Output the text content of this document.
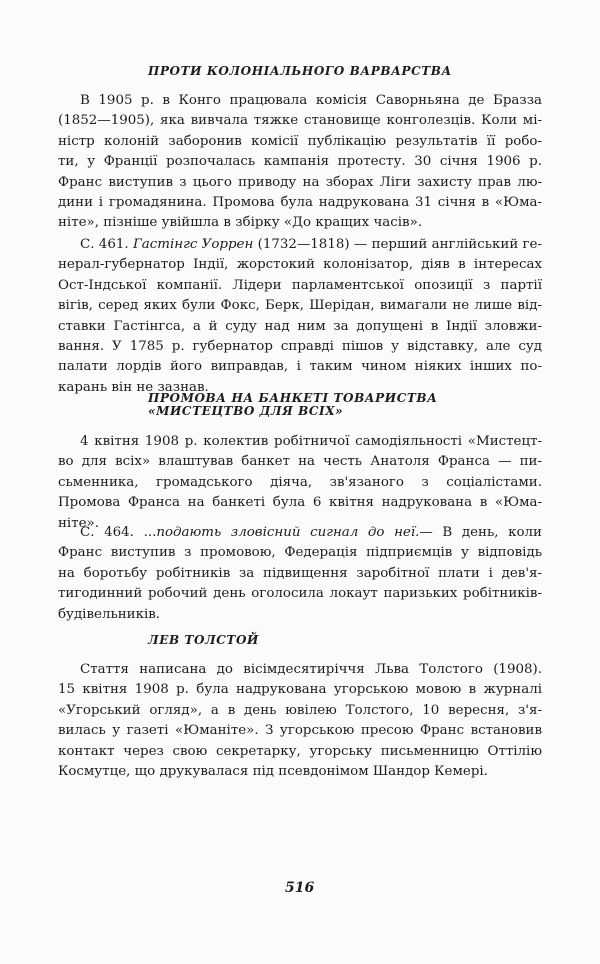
ПРОТИ КОЛОНІАЛЬНОГО ВАРВАРСТВА
В 1905 р. в Конго працювала комісія Саворньяна де Бразза
(1852—1905), яка вивчала тяжке становище конголезців. Коли мі-
ністр колоній заборонив комісії публікацію результатів її робо-
ти, у Франції розпочалась кампанія протесту. 30 січня 1906 р.
Франс виступив з цього приводу на зборах Ліги захисту прав лю-
дини і громадянина. Промова була надрукована 31 січня в «Юма-
ніте», пізніше увійшла в збірку «До кращих часів».
С. 461. Гастінгс Уоррен (1732—1818) — перший англійський ге-
нерал-губернатор Індії, жорстокий колонізатор, діяв в інтересах
Ост-Індської компанії. Лідери парламентської опозиції з партії
вігів, серед яких були Фокс, Берк, Шерідан, вимагали не лише від-
ставки Гастінгса, а й суду над ним за допущені в Індії зловжи-
вання. У 1785 р. губернатор справді пішов у відставку, але суд
палати лордів його виправдав, і таким чином ніяких інших по-
карань він не зазнав.
ПРОМОВА НА БАНКЕТІ ТОВАРИСТВА
«МИСТЕЦТВО ДЛЯ ВСІХ»
4 квітня 1908 р. колектив робітничої самодіяльності «Мистецт-
во для всіх» влаштував банкет на честь Анатоля Франса — пи-
сьменника, громадського діяча, зв'язаного з соціалістами.
Промова Франса на банкеті була 6 квітня надрукована в «Юма-
ніте».
С. 464. ...подають зловісний сигнал до неї.— В день, коли
Франс виступив з промовою, Федерація підприємців у відповідь
на боротьбу робітників за підвищення заробітної плати і дев'я-
тигодинний робочий день оголосила локаут паризьких робітників-
будівельників.
ЛЕВ ТОЛСТОЙ
Стаття написана до вісімдесятиріччя Льва Толстого (1908).
15 квітня 1908 р. була надрукована угорською мовою в журналі
«Угорський огляд», а в день ювілею Толстого, 10 вересня, з'я-
вилась у газеті «Юманіте». З угорською пресою Франс встановив
контакт через свою секретарку, угорську письменницю Оттілію
Космутце, що друкувалася під псевдонімом Шандор Кемері.
516
